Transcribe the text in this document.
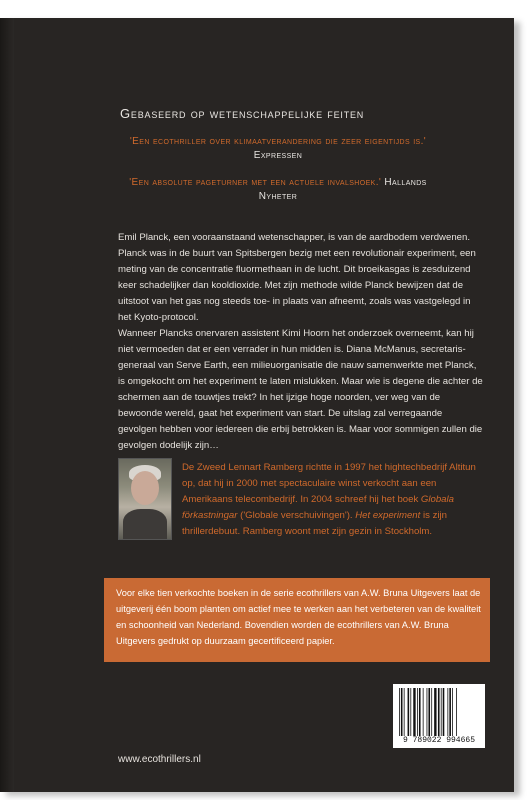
Gebaseerd op wetenschappelijke feiten
'Een ecothriller over klimaatverandering die zeer eigentijds is.' Expressen
'Een absolute pageturner met een actuele invalshoek.' Hallands Nyheter

Emil Planck, een vooraanstaand wetenschapper, is van de aardbodem verdwenen. Planck was in de buurt van Spitsbergen bezig met een revolutionair experiment, een meting van de concentratie fluormethaan in de lucht. Dit broeikasgas is zesduizend keer schadelijker dan kooldioxide. Met zijn methode wilde Planck bewijzen dat de uitstoot van het gas nog steeds toe- in plaats van afneemt, zoals was vastgelegd in het Kyoto-protocol.

Wanneer Plancks onervaren assistent Kimi Hoorn het onderzoek overneemt, kan hij niet vermoeden dat er een verrader in hun midden is. Diana McManus, secretaris-generaal van Serve Earth, een milieuorganisatie die nauw samenwerkte met Planck, is omgekocht om het experiment te laten mislukken. Maar wie is degene die achter de schermen aan de touwtjes trekt? In het ijzige hoge noorden, ver weg van de bewoonde wereld, gaat het experiment van start. De uitslag zal verregaande gevolgen hebben voor iedereen die erbij betrokken is. Maar voor sommigen zullen die gevolgen dodelijk zijn…

De Zweed Lennart Ramberg richtte in 1997 het hightechbedrijf Altitun op, dat hij in 2000 met spectaculaire winst verkocht aan een Amerikaans telecombedrijf. In 2004 schreef hij het boek Globala förkastningar ('Globale verschuivingen'). Het experiment is zijn thrillerdebuut. Ramberg woont met zijn gezin in Stockholm.
Voor elke tien verkochte boeken in de serie ecothrillers van A.W. Bruna Uitgevers laat de uitgeverij één boom planten om actief mee te werken aan het verbeteren van de kwaliteit en schoonheid van Nederland. Bovendien worden de ecothrillers van A.W. Bruna Uitgevers gedrukt op duurzaam gecertificeerd papier.
9 789022 994665
www.ecothrillers.nl
